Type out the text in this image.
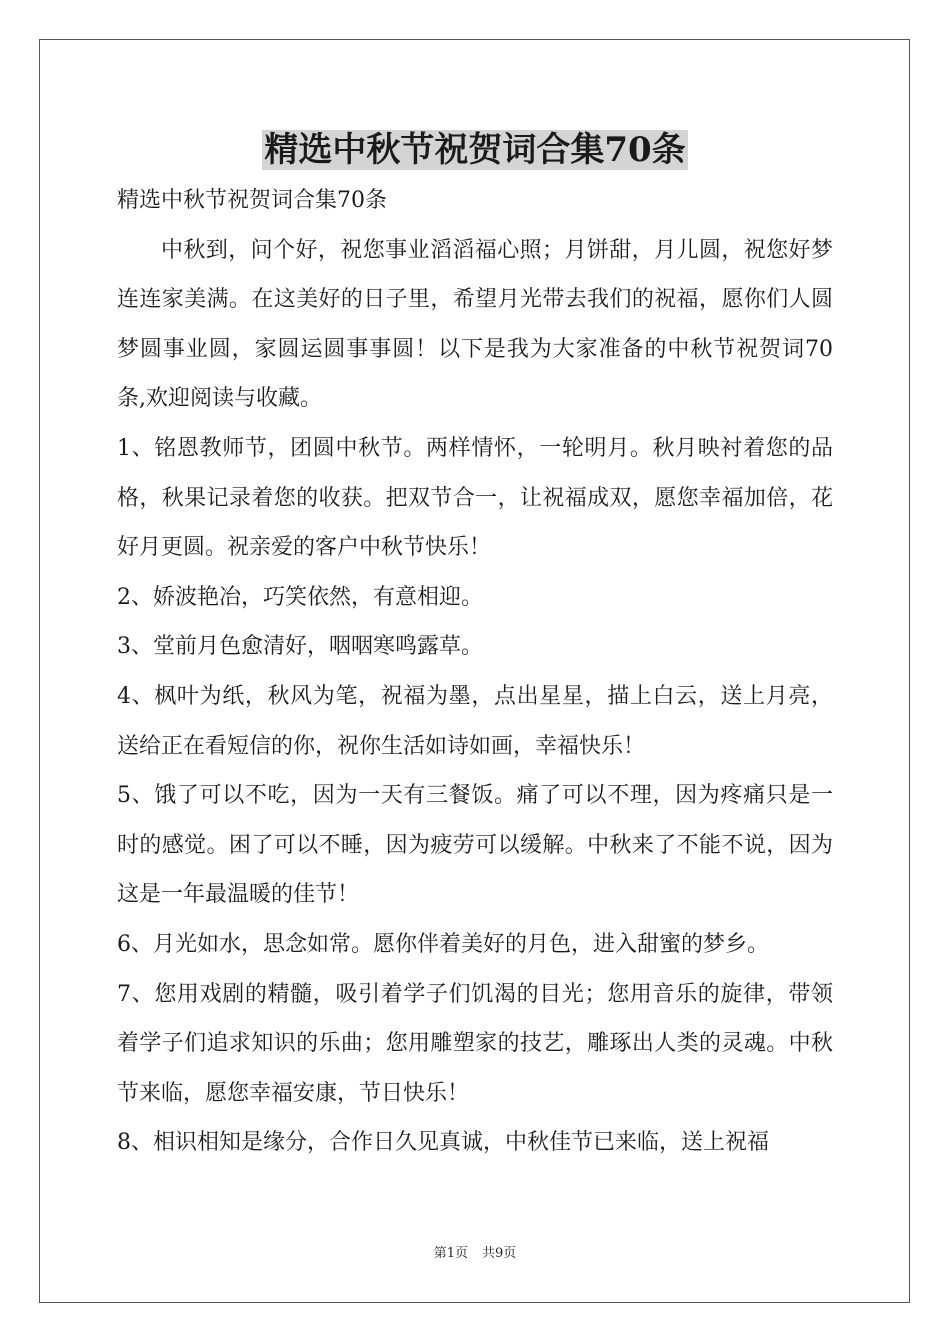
精选中秋节祝贺词合集70条

精选中秋节祝贺词合集70条

中秋到，问个好，祝您事业滔滔福心照；月饼甜，月儿圆，祝您好梦连连家美满。在这美好的日子里，希望月光带去我们的祝福，愿你们人圆梦圆事业圆，家圆运圆事事圆！以下是我为大家准备的中秋节祝贺词70条,欢迎阅读与收藏。

1、铭恩教师节，团圆中秋节。两样情怀，一轮明月。秋月映衬着您的品格，秋果记录着您的收获。把双节合一，让祝福成双，愿您幸福加倍，花好月更圆。祝亲爱的客户中秋节快乐！

2、娇波艳冶，巧笑依然，有意相迎。

3、堂前月色愈清好，咽咽寒鸣露草。

4、枫叶为纸，秋风为笔，祝福为墨，点出星星，描上白云，送上月亮，送给正在看短信的你，祝你生活如诗如画，幸福快乐！

5、饿了可以不吃，因为一天有三餐饭。痛了可以不理，因为疼痛只是一时的感觉。困了可以不睡，因为疲劳可以缓解。中秋来了不能不说，因为这是一年最温暖的佳节！

6、月光如水，思念如常。愿你伴着美好的月色，进入甜蜜的梦乡。

7、您用戏剧的精髓，吸引着学子们饥渴的目光；您用音乐的旋律，带领着学子们追求知识的乐曲；您用雕塑家的技艺，雕琢出人类的灵魂。中秋节来临，愿您幸福安康，节日快乐！

8、相识相知是缘分，合作日久见真诚，中秋佳节已来临，送上祝福

第1页 共9页
